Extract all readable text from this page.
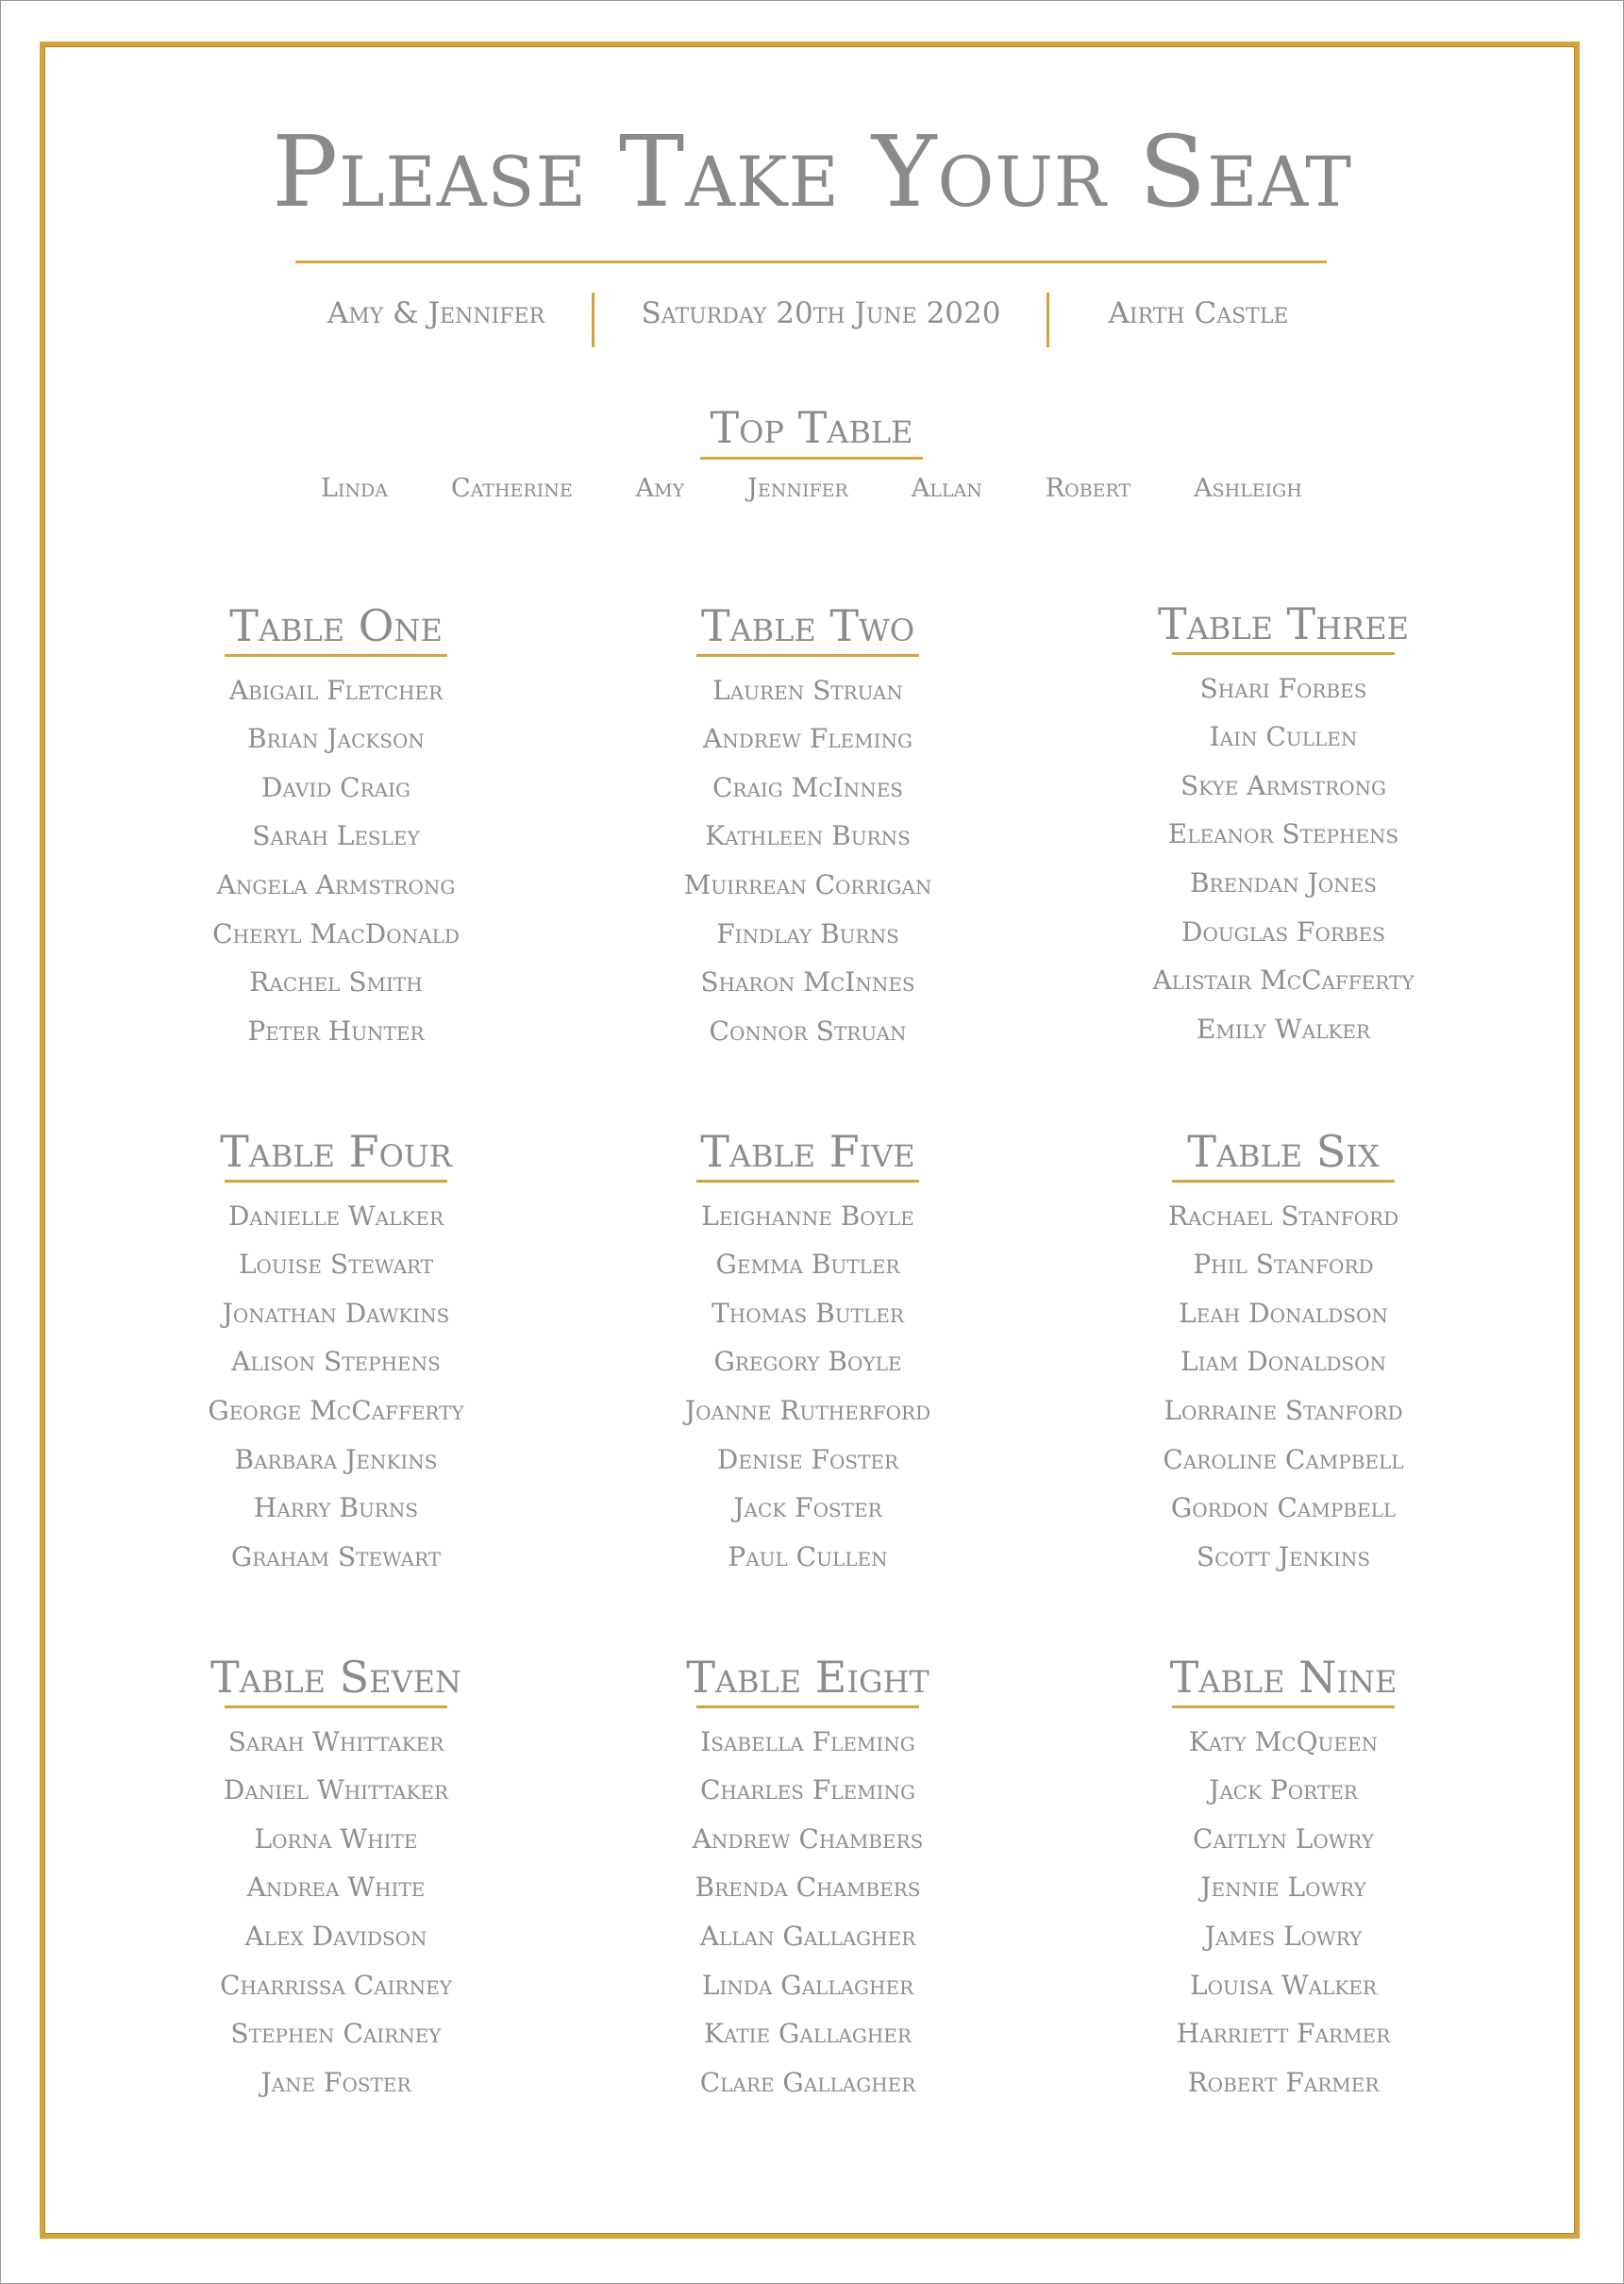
Please Take Your Seat
Amy & Jennifer	Saturday 20th June 2020	Airth Castle
Top Table
Linda Catherine Amy Jennifer Allan Robert Ashleigh
Table One
Abigail Fletcher
Brian Jackson
David Craig
Sarah Lesley
Angela Armstrong
Cheryl MacDonald
Rachel Smith
Peter Hunter
Table Two
Lauren Struan
Andrew Fleming
Craig McInnes
Kathleen Burns
Muirrean Corrigan
Findlay Burns
Sharon McInnes
Connor Struan
Table Three
Shari Forbes
Iain Cullen
Skye Armstrong
Eleanor Stephens
Brendan Jones
Douglas Forbes
Alistair McCafferty
Emily Walker
Table Four
Danielle Walker
Louise Stewart
Jonathan Dawkins
Alison Stephens
George McCafferty
Barbara Jenkins
Harry Burns
Graham Stewart
Table Five
Leighanne Boyle
Gemma Butler
Thomas Butler
Gregory Boyle
Joanne Rutherford
Denise Foster
Jack Foster
Paul Cullen
Table Six
Rachael Stanford
Phil Stanford
Leah Donaldson
Liam Donaldson
Lorraine Stanford
Caroline Campbell
Gordon Campbell
Scott Jenkins
Table Seven
Sarah Whittaker
Daniel Whittaker
Lorna White
Andrea White
Alex Davidson
Charrissa Cairney
Stephen Cairney
Jane Foster
Table Eight
Isabella Fleming
Charles Fleming
Andrew Chambers
Brenda Chambers
Allan Gallagher
Linda Gallagher
Katie Gallagher
Clare Gallagher
Table Nine
Katy McQueen
Jack Porter
Caitlyn Lowry
Jennie Lowry
James Lowry
Louisa Walker
Harriett Farmer
Robert Farmer
